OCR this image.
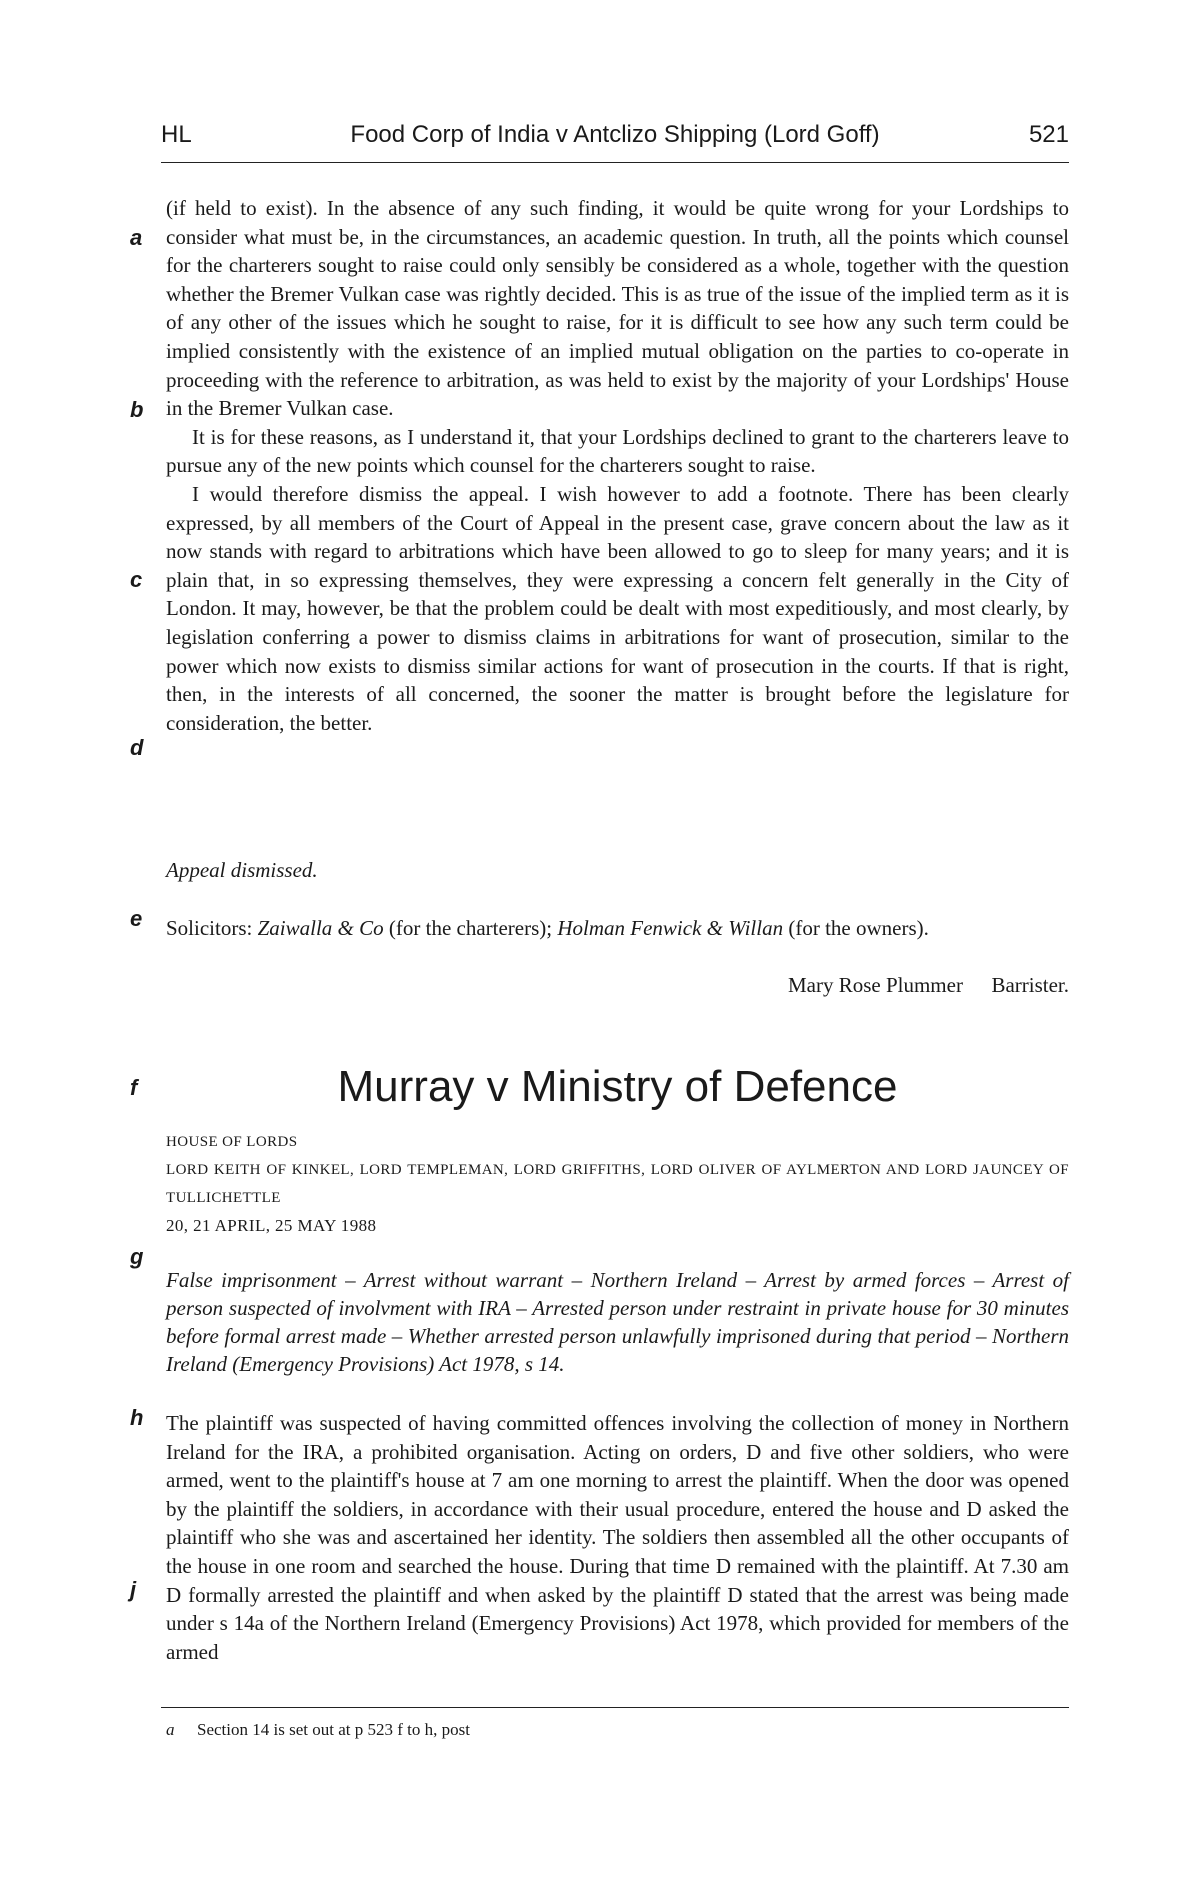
HL	Food Corp of India v Antclizo Shipping (Lord Goff)	521
a
b
c
d
e
f
g
h
j

(if held to exist). In the absence of any such finding, it would be quite wrong for your Lordships to consider what must be, in the circumstances, an academic question. In truth, all the points which counsel for the charterers sought to raise could only sensibly be considered as a whole, together with the question whether the Bremer Vulkan case was rightly decided. This is as true of the issue of the implied term as it is of any other of the issues which he sought to raise, for it is difficult to see how any such term could be implied consistently with the existence of an implied mutual obligation on the parties to co-operate in proceeding with the reference to arbitration, as was held to exist by the majority of your Lordships' House in the Bremer Vulkan case.

It is for these reasons, as I understand it, that your Lordships declined to grant to the charterers leave to pursue any of the new points which counsel for the charterers sought to raise.

I would therefore dismiss the appeal. I wish however to add a footnote. There has been clearly expressed, by all members of the Court of Appeal in the present case, grave concern about the law as it now stands with regard to arbitrations which have been allowed to go to sleep for many years; and it is plain that, in so expressing themselves, they were expressing a concern felt generally in the City of London. It may, however, be that the problem could be dealt with most expeditiously, and most clearly, by legislation conferring a power to dismiss claims in arbitrations for want of prosecution, similar to the power which now exists to dismiss similar actions for want of prosecution in the courts. If that is right, then, in the interests of all concerned, the sooner the matter is brought before the legislature for consideration, the better.

Appeal dismissed.

Solicitors: Zaiwalla & Co (for the charterers); Holman Fenwick & Willan (for the owners).

Mary Rose Plummer Barrister.

Murray v Ministry of Defence

HOUSE OF LORDS

LORD KEITH OF KINKEL, LORD TEMPLEMAN, LORD GRIFFITHS, LORD OLIVER OF AYLMERTON AND LORD JAUNCEY OF TULLICHETTLE

20, 21 APRIL, 25 MAY 1988

False imprisonment – Arrest without warrant – Northern Ireland – Arrest by armed forces – Arrest of person suspected of involvment with IRA – Arrested person under restraint in private house for 30 minutes before formal arrest made – Whether arrested person unlawfully imprisoned during that period – Northern Ireland (Emergency Provisions) Act 1978, s 14.

The plaintiff was suspected of having committed offences involving the collection of money in Northern Ireland for the IRA, a prohibited organisation. Acting on orders, D and five other soldiers, who were armed, went to the plaintiff's house at 7 am one morning to arrest the plaintiff. When the door was opened by the plaintiff the soldiers, in accordance with their usual procedure, entered the house and D asked the plaintiff who she was and ascertained her identity. The soldiers then assembled all the other occupants of the house in one room and searched the house. During that time D remained with the plaintiff. At 7.30 am D formally arrested the plaintiff and when asked by the plaintiff D stated that the arrest was being made under s 14a of the Northern Ireland (Emergency Provisions) Act 1978, which provided for members of the armed

a Section 14 is set out at p 523 f to h, post
